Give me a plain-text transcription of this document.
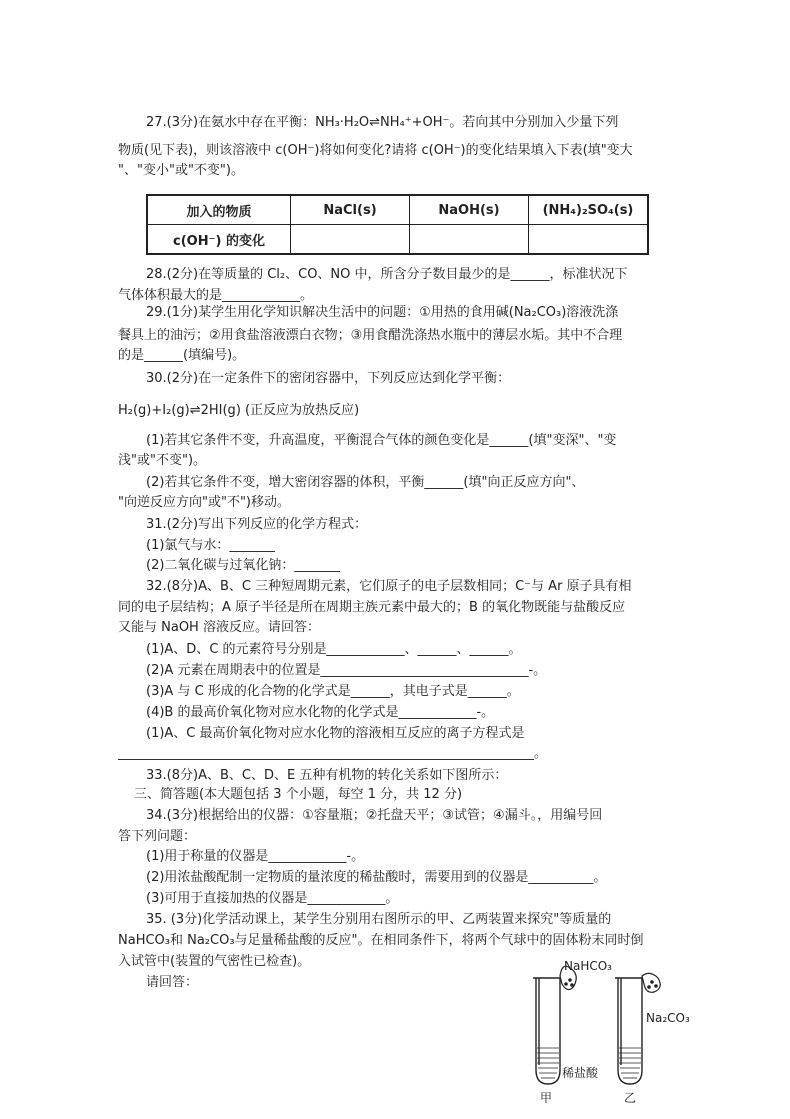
27.(3分)在氨水中存在平衡：NH₃·H₂O⇌NH₄⁺+OH⁻。若向其中分别加入少量下列
物质(见下表)，则该溶液中 c(OH⁻)将如何变化?请将 c(OH⁻)的变化结果填入下表(填"变大
"、"变小"或"不变")。
加入的物质	NaCl(s)	NaOH(s)	(NH₄)₂SO₄(s)
c(OH⁻) 的变化			
28.(2分)在等质量的 Cl₂、CO、NO 中，所含分子数目最少的是______，标准状况下
气体体积最大的是____________。
29.(1分)某学生用化学知识解决生活中的问题：①用热的食用碱(Na₂CO₃)溶液洗涤
餐具上的油污；②用食盐溶液漂白衣物；③用食醋洗涤热水瓶中的薄层水垢。其中不合理
的是______(填编号)。
30.(2分)在一定条件下的密闭容器中，下列反应达到化学平衡：
H₂(g)+I₂(g)⇌2HI(g) (正反应为放热反应)
(1)若其它条件不变，升高温度，平衡混合气体的颜色变化是______(填"变深"、"变
浅"或"不变")。
(2)若其它条件不变，增大密闭容器的体积，平衡______(填"向正反应方向"、
"向逆反应方向"或"不")移动。
31.(2分)写出下列反应的化学方程式：
(1)氯气与水：_______
(2)二氧化碳与过氧化钠：_______
32.(8分)A、B、C 三种短周期元素，它们原子的电子层数相同；C⁻与 Ar 原子具有相
同的电子层结构；A 原子半径是所在周期主族元素中最大的；B 的氧化物既能与盐酸反应
又能与 NaOH 溶液反应。请回答：
(1)A、D、C 的元素符号分别是____________、______、______。
(2)A 元素在周期表中的位置是________________________________-。
(3)A 与 C 形成的化合物的化学式是______，其电子式是______。
(4)B 的最高价氧化物对应水化物的化学式是____________-。
(1)A、C 最高价氧化物对应水化物的溶液相互反应的离子方程式是
________________________________________________________________。
33.(8分)A、B、C、D、E 五种有机物的转化关系如下图所示：
三、简答题(本大题包括 3 个小题，每空 1 分，共 12 分)
34.(3分)根据给出的仪器：①容量瓶；②托盘天平；③试管；④漏斗。，用编号回
答下列问题：
(1)用于称量的仪器是____________-。
(2)用浓盐酸配制一定物质的量浓度的稀盐酸时，需要用到的仪器是__________。
(3)可用于直接加热的仪器是____________。
35. (3分)化学活动课上，某学生分别用右图所示的甲、乙两装置来探究"等质量的
NaHCO₃和 Na₂CO₃与足量稀盐酸的反应"。在相同条件下，将两个气球中的固体粉末同时倒
入试管中(装置的气密性已检查)。
请回答：
NaHCO₃
Na₂CO₃
稀盐酸
甲	乙
